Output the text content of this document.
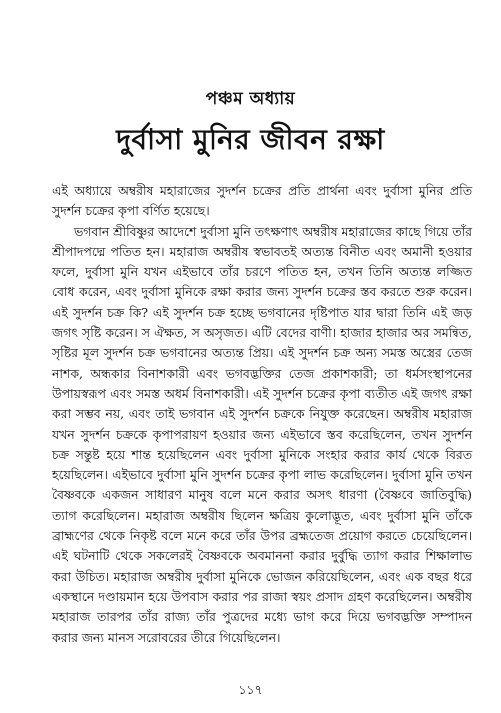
পঞ্চম অধ্যায়
দুর্বাসা মুনির জীবন রক্ষা

এই অধ্যায়ে অম্বরীষ মহারাজের সুদর্শন চক্রের প্রতি প্রার্থনা এবং দুর্বাসা মুনির প্রতি সুদর্শন চক্রের কৃপা বর্ণিত হয়েছে।

ভগবান শ্রীবিষ্ণুর আদেশে দুর্বাসা মুনি তৎক্ষণাৎ অম্বরীষ মহারাজের কাছে গিয়ে তাঁর শ্রীপাদপদ্মে পতিত হন। মহারাজ অম্বরীষ স্বভাবতই অত্যন্ত বিনীত এবং অমানী হওয়ার ফলে, দুর্বাসা মুনি যখন এইভাবে তাঁর চরণে পতিত হন, তখন তিনি অত্যন্ত লজ্জিত বোধ করেন, এবং দুর্বাসা মুনিকে রক্ষা করার জন্য সুদর্শন চক্রের স্তব করতে শুরু করেন। এই সুদর্শন চক্র কি? এই সুদর্শন চক্র হচ্ছে ভগবানের দৃষ্টিপাত যার দ্বারা তিনি এই জড় জগৎ সৃষ্টি করেন। স ঐক্ষত, স অসৃজত। এটি বেদের বাণী। হাজার হাজার অর সমন্বিত, সৃষ্টির মূল সুদর্শন চক্র ভগবানের অত্যন্ত প্রিয়। এই সুদর্শন চক্র অন্য সমস্ত অস্ত্রের তেজ নাশক, অন্ধকার বিনাশকারী এবং ভগবদ্ভক্তির তেজ প্রকাশকারী; তা ধর্মসংস্থাপনের উপায়স্বরূপ এবং সমস্ত অধর্ম বিনাশকারী। এই সুদর্শন চক্রের কৃপা ব্যতীত এই জগৎ রক্ষা করা সম্ভব নয়, এবং তাই ভগবান এই সুদর্শন চক্রকে নিযুক্ত করেছেন। অম্বরীষ মহারাজ যখন সুদর্শন চক্রকে কৃপাপরায়ণ হওয়ার জন্য এইভাবে স্তব করেছিলেন, তখন সুদর্শন চক্র সন্তুষ্ট হয়ে শান্ত হয়েছিলেন এবং দুর্বাসা মুনিকে সংহার করার কার্য থেকে বিরত হয়েছিলেন। এইভাবে দুর্বাসা মুনি সুদর্শন চক্রের কৃপা লাভ করেছিলেন। দুর্বাসা মুনি তখন বৈষ্ণবকে একজন সাধারণ মানুষ বলে মনে করার অসৎ ধারণা (বৈষ্ণবে জাতিবুদ্ধি) ত্যাগ করেছিলেন। মহারাজ অম্বরীষ ছিলেন ক্ষত্রিয় কুলোদ্ভূত, এবং দুর্বাসা মুনি তাঁকে ব্রাহ্মণের থেকে নিকৃষ্ট বলে মনে করে তাঁর উপর ব্রহ্মতেজ প্রয়োগ করতে চেয়েছিলেন। এই ঘটনাটি থেকে সকলেরই বৈষ্ণবকে অবমাননা করার দুর্বুদ্ধি ত্যাগ করার শিক্ষালাভ করা উচিত। মহারাজ অম্বরীষ দুর্বাসা মুনিকে ভোজন করিয়েছিলেন, এবং এক বছর ধরে একস্থানে দণ্ডায়মান হয়ে উপবাস করার পর রাজা স্বয়ং প্রসাদ গ্রহণ করেছিলেন। অম্বরীষ মহারাজ তারপর তাঁর রাজ্য তাঁর পুত্রদের মধ্যে ভাগ করে দিয়ে ভগবদ্ভক্তি সম্পাদন করার জন্য মানস সরোবরের তীরে গিয়েছিলেন।

১১৭
